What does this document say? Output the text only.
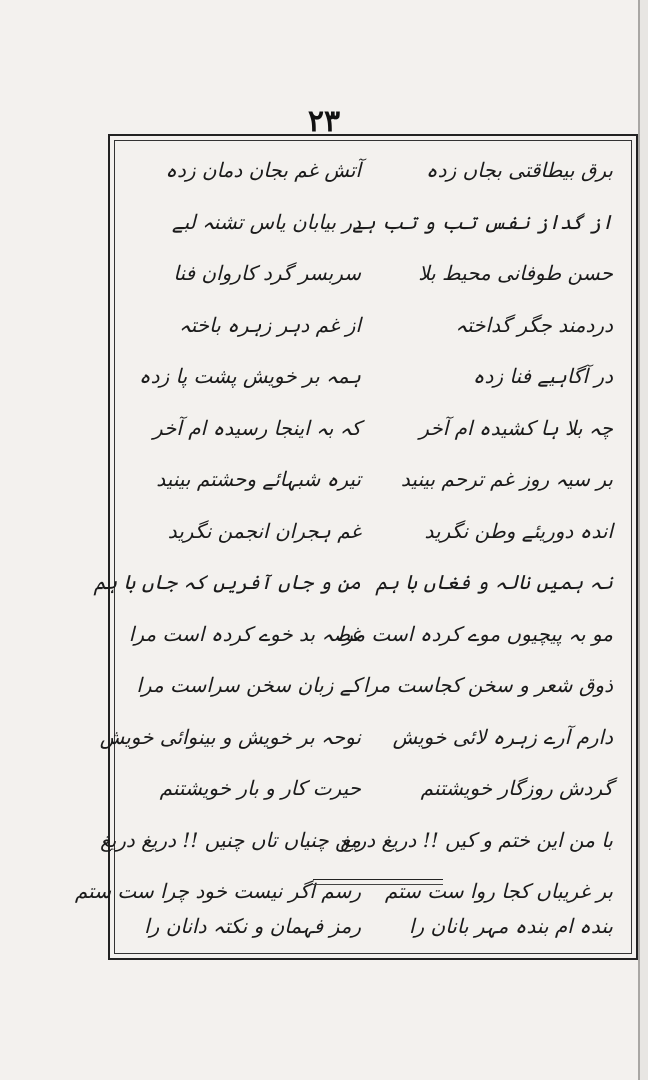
۲۳
برق بیطاقتی بجاں زدہ
آتش غم بجان دمان زدہ
از گداز نفس تب و تب ہے
در بیابان یاس تشنہ لبے
حسن طوفانی محیط بلا
سربسر گرد کاروان فنا
دردمند جگر گداختہ
از غم دہر زہرہ باختہ
در آگاہیے فنا زدہ
ہمہ بر خویش پشت پا زدہ
چہ بلا ہا کشیدہ ام آخر
کہ بہ اینجا رسیدہ ام آخر
بر سیہ روز غم ترحم بینید
تیرہ شبہائے وحشتم بینید
اندہ دوریئے وطن نگرید
غم ہجران انجمن نگرید
نہ ہمیں نالہ و فغاں با ہم
من و جاں آفریں کہ جاں با ہم
مو بہ پیچیوں موے کردہ است مرا
غصہ بد خوے کردہ است مرا
ذوق شعر و سخن کجاست مرا
کے زبان سخن سراست مرا
دارم آرے زہرہ لائی خویش
نوحہ بر خویش و بینوائی خویش
گردش روزگار خویشتنم
حیرت کار و بار خویشتنم
با من این ختم و کیں !! دریغ دریغ
من چنیاں تاں چنیں !! دریغ دریغ
بر غریباں کجا روا ست ستم
رسم اگر نیست خود چرا ست ستم
بندہ ام بندہ مہر بانان را
رمز فہمان و نکتہ دانان را
